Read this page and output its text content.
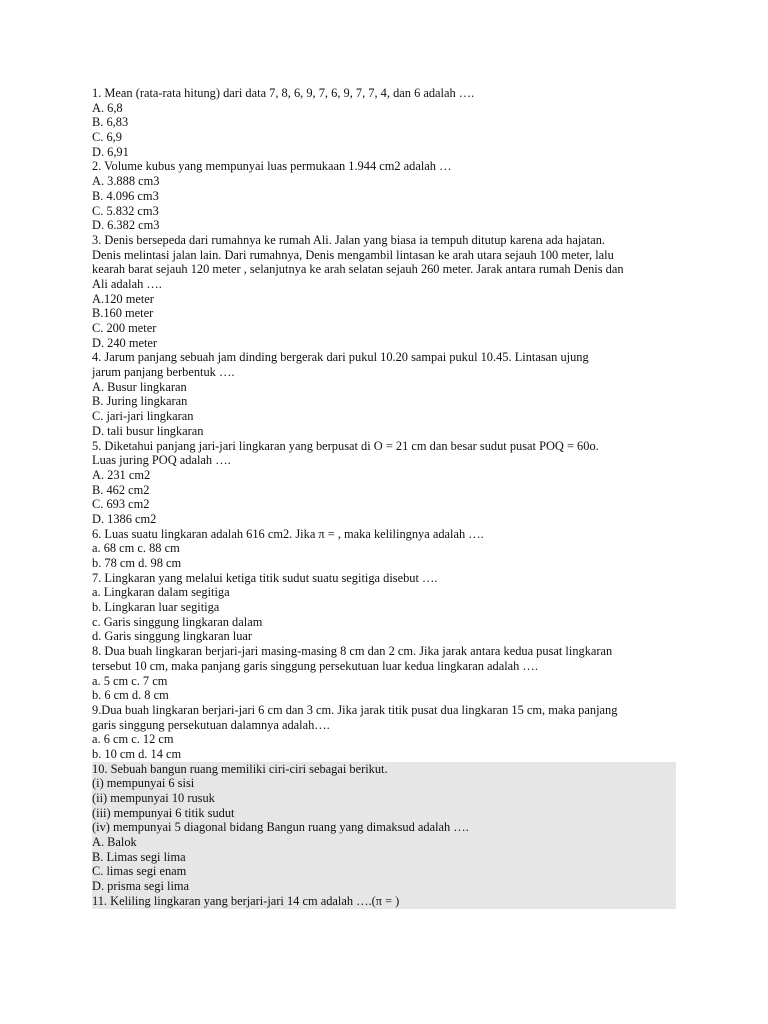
1. Mean (rata-rata hitung) dari data 7, 8, 6, 9, 7, 6, 9, 7, 7, 4, dan 6 adalah ….
A. 6,8
B. 6,83
C. 6,9
D. 6,91
2. Volume kubus yang mempunyai luas permukaan 1.944 cm2 adalah …
A. 3.888 cm3
B. 4.096 cm3
C. 5.832 cm3
D. 6.382 cm3
3. Denis bersepeda dari rumahnya ke rumah Ali. Jalan yang biasa ia tempuh ditutup karena ada hajatan.
Denis melintasi jalan lain. Dari rumahnya, Denis mengambil lintasan ke arah utara sejauh 100 meter, lalu
kearah barat sejauh 120 meter , selanjutnya ke arah selatan sejauh 260 meter. Jarak antara rumah Denis dan
Ali adalah ….
A.120 meter
B.160 meter
C. 200 meter
D. 240 meter
4. Jarum panjang sebuah jam dinding bergerak dari pukul 10.20 sampai pukul 10.45. Lintasan ujung
jarum panjang berbentuk ….
A. Busur lingkaran
B. Juring lingkaran
C. jari-jari lingkaran
D. tali busur lingkaran
5. Diketahui panjang jari-jari lingkaran yang berpusat di O = 21 cm dan besar sudut pusat POQ = 60o.
Luas juring POQ adalah ….
A. 231 cm2
B. 462 cm2
C. 693 cm2
D. 1386 cm2
6. Luas suatu lingkaran adalah 616 cm2. Jika π = , maka kelilingnya adalah ….
a. 68 cm c. 88 cm
b. 78 cm d. 98 cm
7. Lingkaran yang melalui ketiga titik sudut suatu segitiga disebut ….
a. Lingkaran dalam segitiga
b. Lingkaran luar segitiga
c. Garis singgung lingkaran dalam
d. Garis singgung lingkaran luar
8. Dua buah lingkaran berjari-jari masing-masing 8 cm dan 2 cm. Jika jarak antara kedua pusat lingkaran
tersebut 10 cm, maka panjang garis singgung persekutuan luar kedua lingkaran adalah ….
a. 5 cm c. 7 cm
b. 6 cm d. 8 cm
9.Dua buah lingkaran berjari-jari 6 cm dan 3 cm. Jika jarak titik pusat dua lingkaran 15 cm, maka panjang
garis singgung persekutuan dalamnya adalah….
a. 6 cm c. 12 cm
b. 10 cm d. 14 cm
10. Sebuah bangun ruang memiliki ciri-ciri sebagai berikut.
(i) mempunyai 6 sisi
(ii) mempunyai 10 rusuk
(iii) mempunyai 6 titik sudut
(iv) mempunyai 5 diagonal bidang Bangun ruang yang dimaksud adalah ….
A. Balok
B. Limas segi lima
C. limas segi enam
D. prisma segi lima
11. Keliling lingkaran yang berjari-jari 14 cm adalah ….(π = )
